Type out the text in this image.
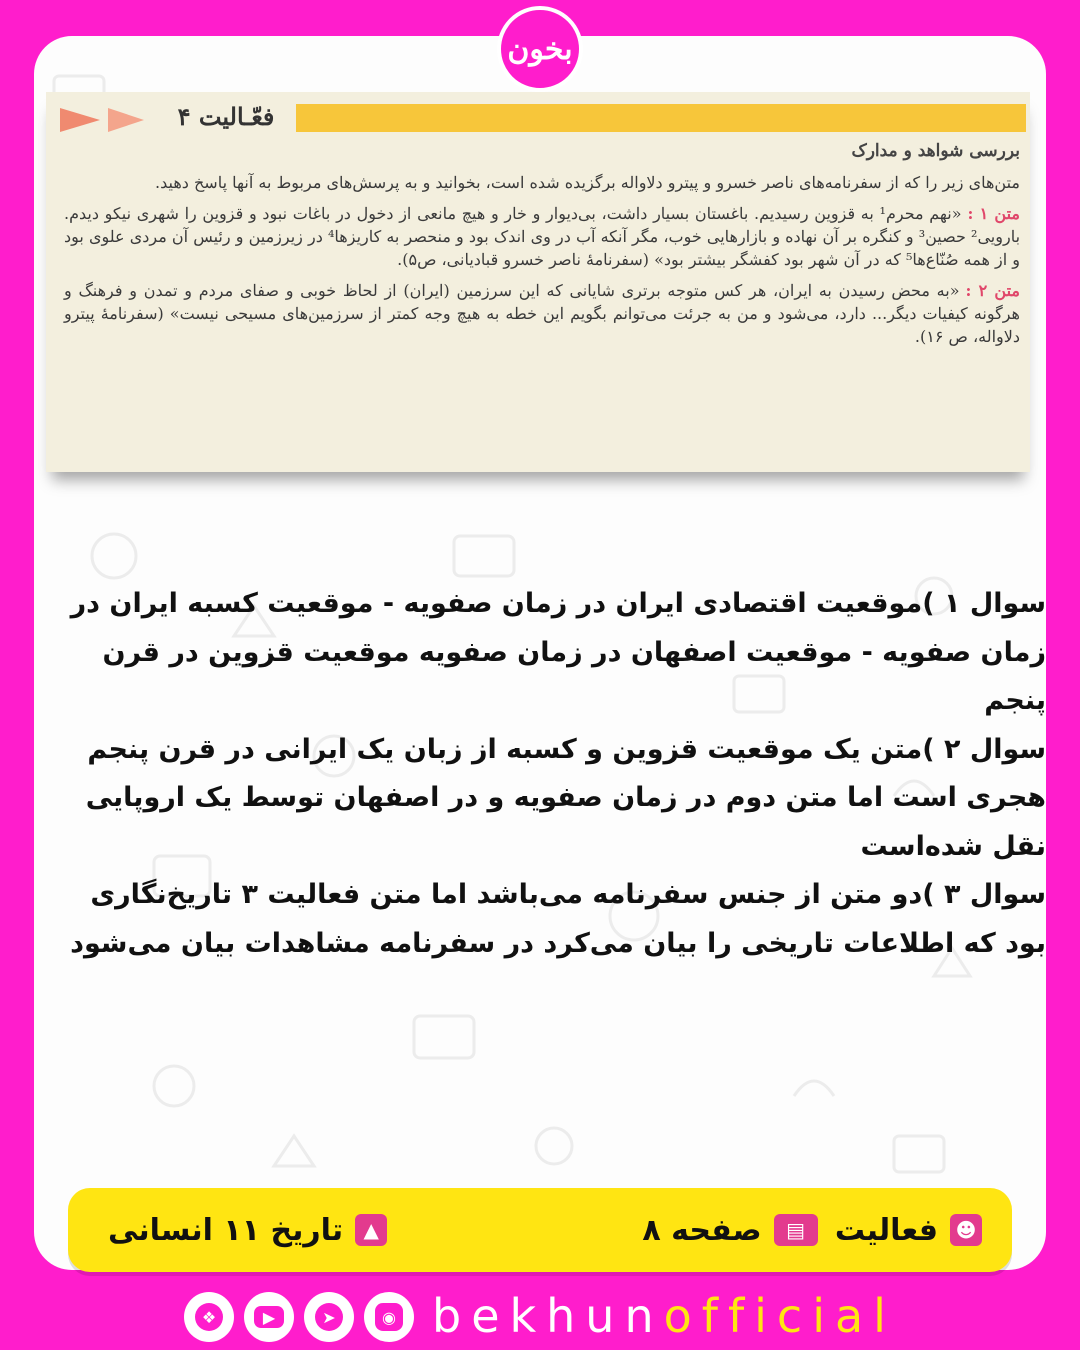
بخون
فعّـالیت ۴

بررسی شواهد و مدارک

متن‌های زیر را که از سفرنامه‌های ناصر خسرو و پیترو دلاواله برگزیده شده است، بخوانید و به پرسش‌های مربوط به آنها پاسخ دهید.

متن ۱ :«نهم محرم¹ به قزوین رسیدیم. باغستان بسیار داشت، بی‌دیوار و خار و هیچ مانعی از دخول در باغات نبود و قزوین را شهری نیکو دیدم. بارویی² حصین³ و کنگره بر آن نهاده و بازارهایی خوب، مگر آنکه آب در وی اندک بود و منحصر به کاریزها⁴ در زیرزمین و رئیس آن مردی علوی بود و از همه صُنّاع‌ها⁵ که در آن شهر بود کفشگر بیشتر بود» (سفرنامهٔ ناصر خسرو قبادیانی، ص۵).

متن ۲ :«به محض رسیدن به ایران، هر کس متوجه برتری شایانی که این سرزمین (ایران) از لحاظ خوبی و صفای مردم و تمدن و فرهنگ و هرگونه کیفیات دیگر... دارد، می‌شود و من به جرئت می‌توانم بگویم این خطه به هیچ وجه کمتر از سرزمین‌های مسیحی نیست» (سفرنامهٔ پیترو دلاواله، ص ۱۶).

سوال ۱ )موقعیت اقتصادی ایران در زمان صفویه - موقعیت کسبه ایران در زمان صفویه - موقعیت اصفهان در زمان صفویه موقعیت قزوین در قرن پنجم

سوال ۲ )متن یک موقعیت قزوین و کسبه از زبان یک ایرانی در قرن پنجم هجری است اما متن دوم در زمان صفویه و در اصفهان توسط یک اروپایی نقل شده‌است

سوال ۳ )دو متن از جنس سفرنامه می‌باشد اما متن فعالیت ۳ تاریخ‌نگاری بود که اطلاعات تاریخی را بیان می‌کرد در سفرنامه مشاهدات بیان می‌شود

☻
فعالیت
▤
صفحه ۸
▲
تاریخ ۱۱ انسانی
❖	▶	➤	◉ bekhunofficial
